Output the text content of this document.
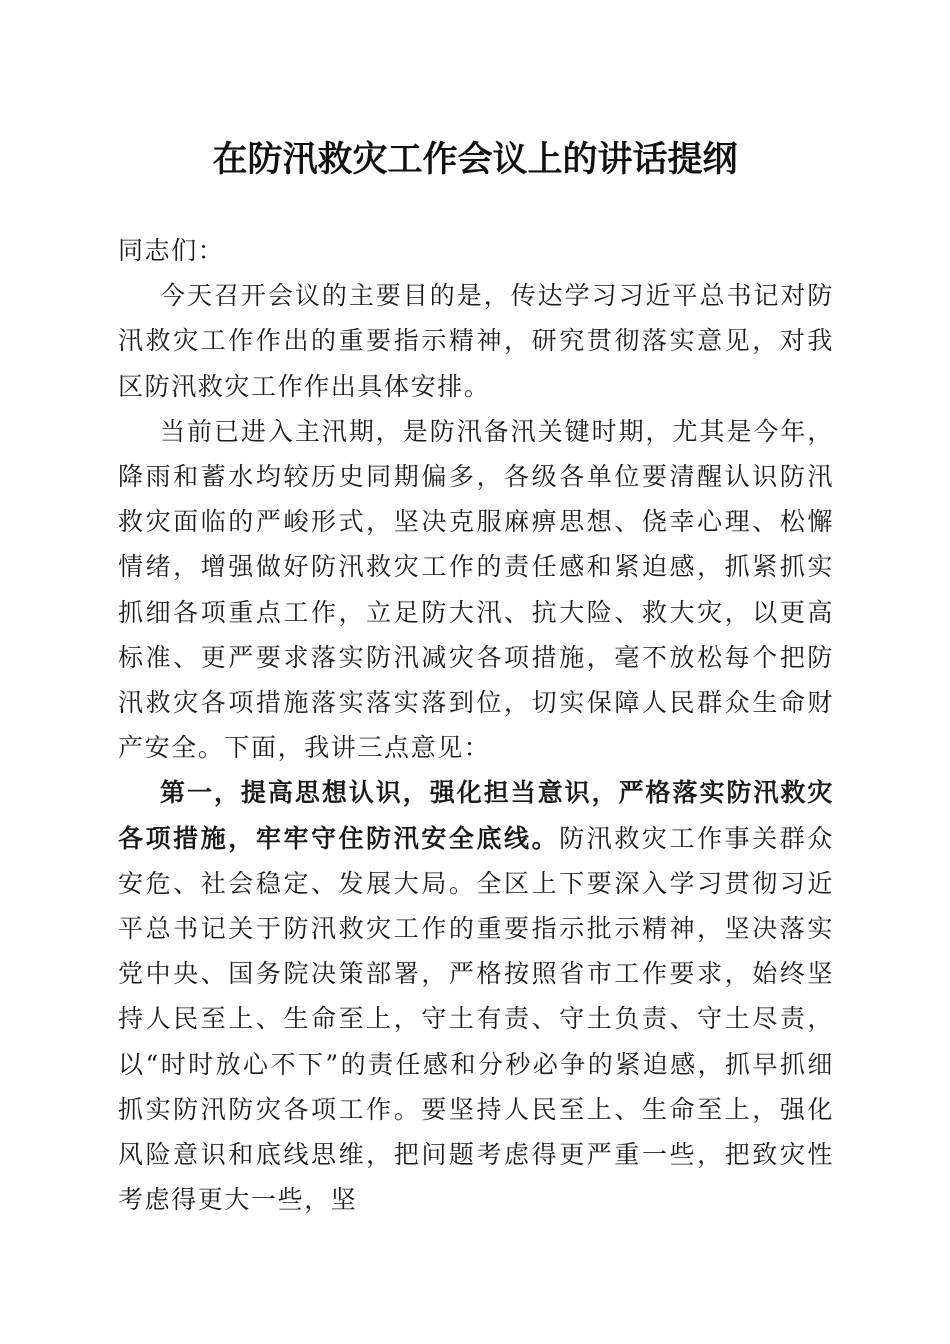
在防汛救灾工作会议上的讲话提纲

同志们：

今天召开会议的主要目的是，传达学习习近平总书记对防汛救灾工作作出的重要指示精神，研究贯彻落实意见，对我区防汛救灾工作作出具体安排。

当前已进入主汛期，是防汛备汛关键时期，尤其是今年，降雨和蓄水均较历史同期偏多，各级各单位要清醒认识防汛救灾面临的严峻形式，坚决克服麻痹思想、侥幸心理、松懈情绪，增强做好防汛救灾工作的责任感和紧迫感，抓紧抓实抓细各项重点工作，立足防大汛、抗大险、救大灾，以更高标准、更严要求落实防汛减灾各项措施，毫不放松每个把防汛救灾各项措施落实落实落到位，切实保障人民群众生命财产安全。下面，我讲三点意见：

第一，提高思想认识，强化担当意识，严格落实防汛救灾各项措施，牢牢守住防汛安全底线。防汛救灾工作事关群众安危、社会稳定、发展大局。全区上下要深入学习贯彻习近平总书记关于防汛救灾工作的重要指示批示精神，坚决落实党中央、国务院决策部署，严格按照省市工作要求，始终坚持人民至上、生命至上，守土有责、守土负责、守土尽责，以“时时放心不下”的责任感和分秒必争的紧迫感，抓早抓细抓实防汛防灾各项工作。要坚持人民至上、生命至上，强化风险意识和底线思维，把问题考虑得更严重一些，把致灾性考虑得更大一些，坚
